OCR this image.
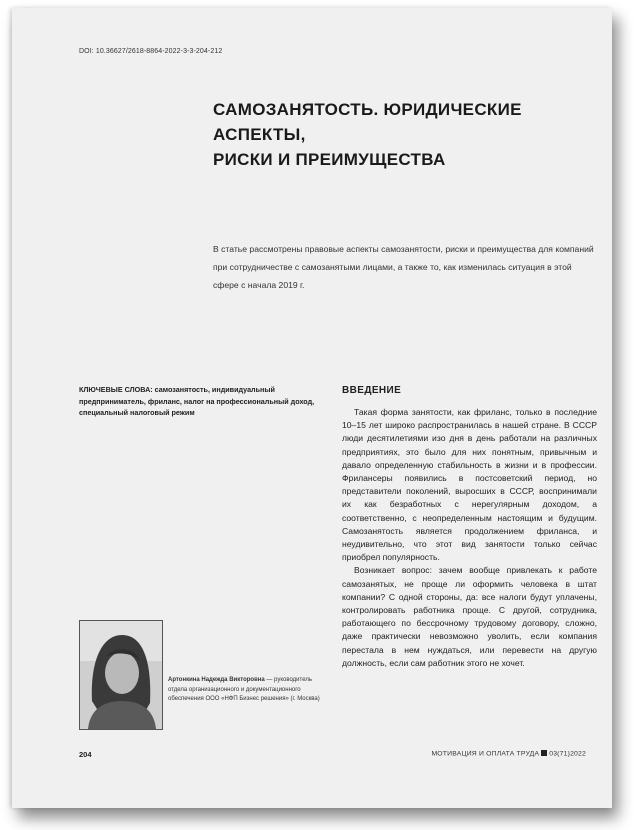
DOI: 10.36627/2618-8864-2022-3-3-204-212
САМОЗАНЯТОСТЬ. ЮРИДИЧЕСКИЕ АСПЕКТЫ,
РИСКИ И ПРЕИМУЩЕСТВА

В статье рассмотрены правовые аспекты самозанятости, риски и преимущества для компаний при сотрудничестве с самозанятыми лицами, а также то, как изменилась ситуация в этой сфере с начала 2019 г.

КЛЮЧЕВЫЕ СЛОВА: самозанятость, индивидуальный предприниматель, фриланс, налог на профессиональный доход, специальный налоговый режим

ВВЕДЕНИЕ

Такая форма занятости, как фриланс, только в последние 10–15 лет широко распространилась в нашей стране. В СССР люди десятилетиями изо дня в день работали на различных предприятиях, это было для них понятным, привычным и давало определенную стабильность в жизни и в профессии. Фрилансеры появились в постсоветский период, но представители поколений, выросших в СССР, воспринимали их как безработных с нерегулярным доходом, а соответственно, с неопределенным настоящим и будущим. Самозанятость является продолжением фриланса, и неудивительно, что этот вид занятости только сейчас приобрел популярность.

Возникает вопрос: зачем вообще привлекать к работе самозанятых, не проще ли оформить человека в штат компании? С одной стороны, да: все налоги будут уплачены, контролировать работника проще. С другой, сотрудника, работающего по бессрочному трудовому договору, сложно, даже практически невозможно уволить, если компания перестала в нем нуждаться, или перевести на другую должность, если сам работник этого не хочет.

Артонкина Надежда Викторовна — руководитель отдела организационного и документационного обеспечения ООО «НФП Бизнес решения» (г. Москва)

204	МОТИВАЦИЯ И ОПЛАТА ТРУДА 03(71)2022
